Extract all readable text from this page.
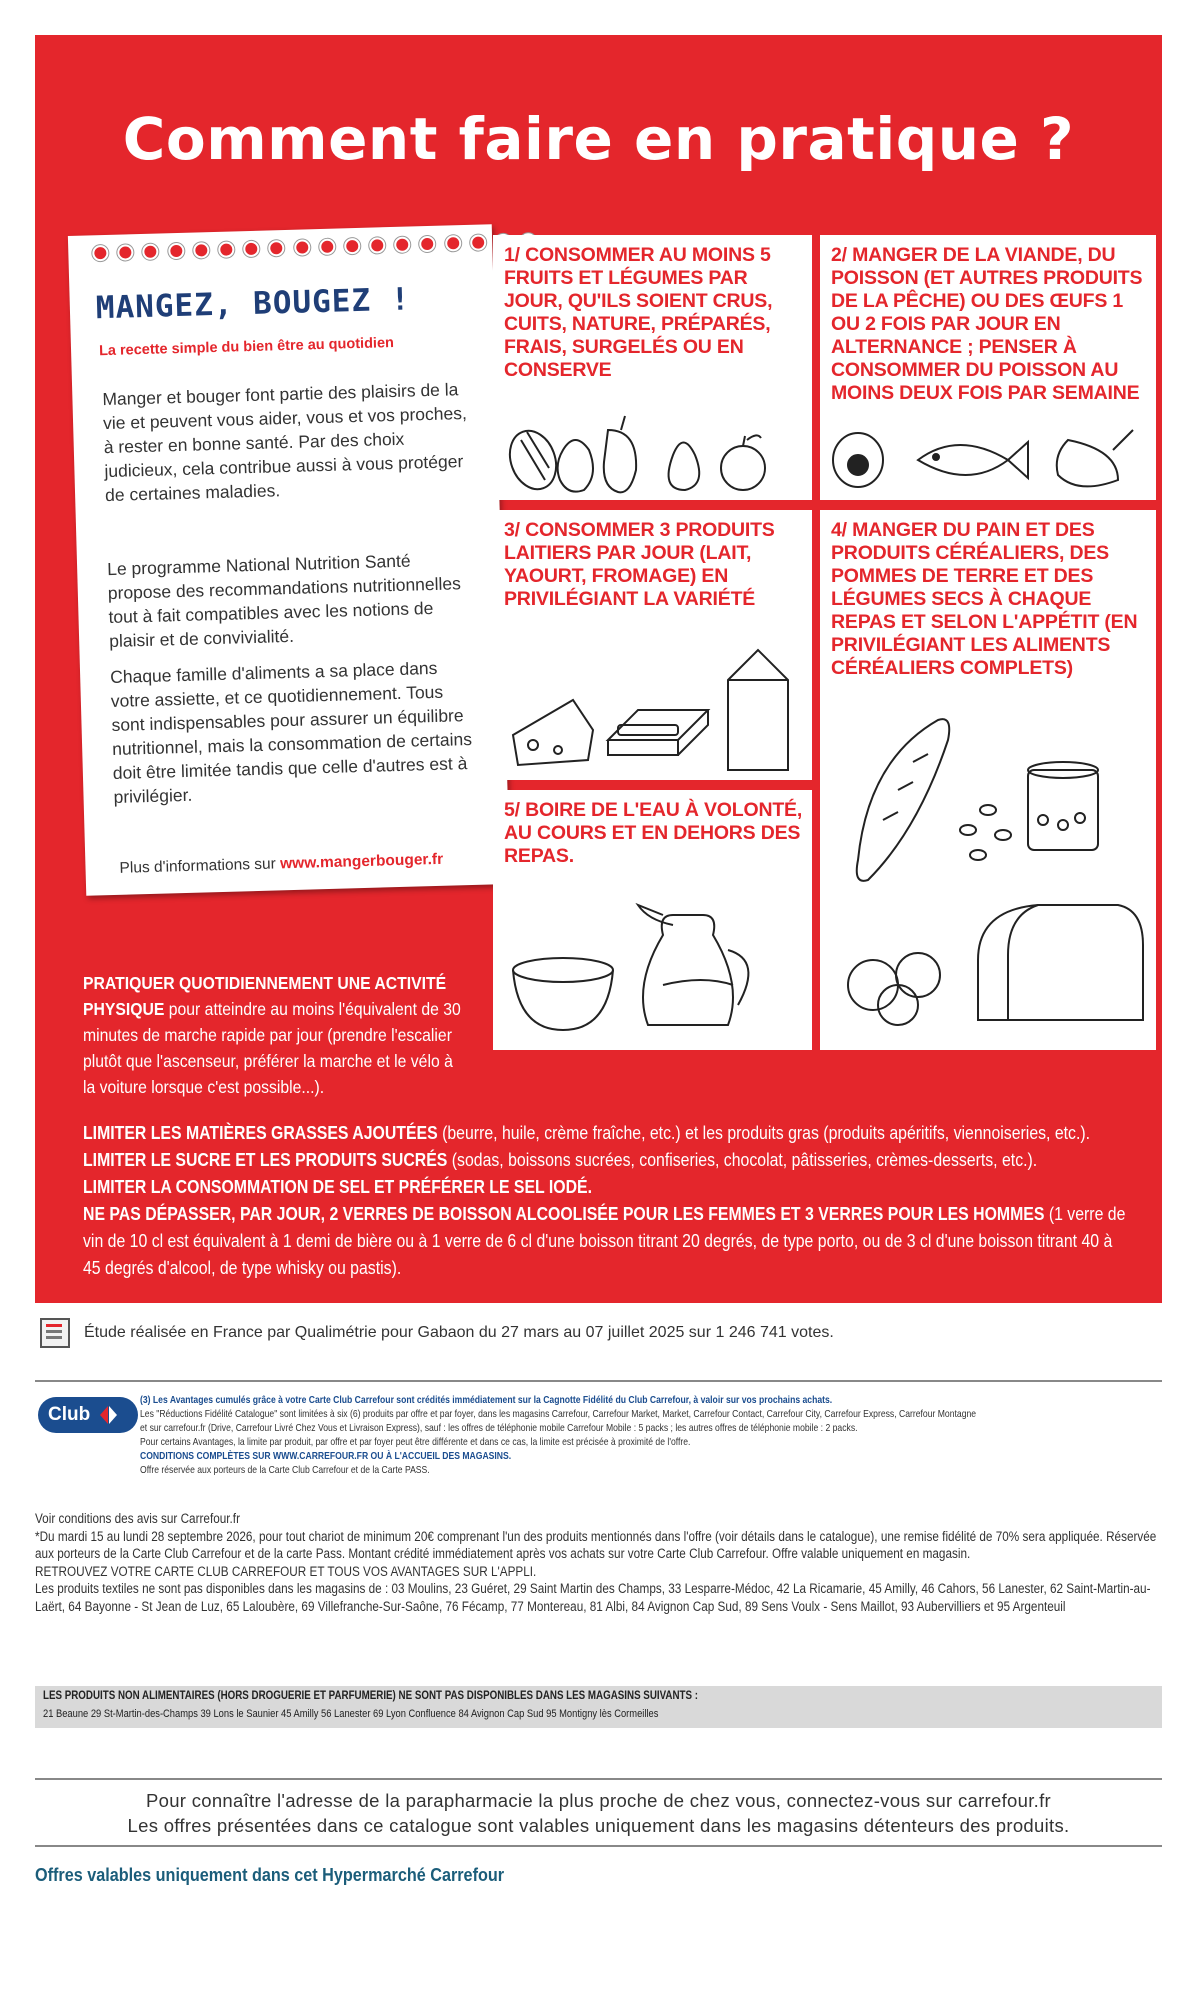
Comment faire en pratique ?
MANGEZ, BOUGEZ !
La recette simple du bien être au quotidien
Manger et bouger font partie des plaisirs de la vie et peuvent vous aider, vous et vos proches, à rester en bonne santé. Par des choix judicieux, cela contribue aussi à vous protéger de certaines maladies.
Le programme National Nutrition Santé propose des recommandations nutritionnelles tout à fait compatibles avec les notions de plaisir et de convivialité.
Chaque famille d'aliments a sa place dans votre assiette, et ce quotidiennement. Tous sont indispensables pour assurer un équilibre nutritionnel, mais la consommation de certains doit être limitée tandis que celle d'autres est à privilégier.
Plus d'informations sur www.mangerbouger.fr
1/ CONSOMMER AU MOINS 5 FRUITS ET LÉGUMES PAR JOUR, QU'ILS SOIENT CRUS, CUITS, NATURE, PRÉPARÉS, FRAIS, SURGELÉS OU EN CONSERVE
2/ MANGER DE LA VIANDE, DU POISSON (ET AUTRES PRODUITS DE LA PÊCHE) OU DES ŒUFS 1 OU 2 FOIS PAR JOUR EN ALTERNANCE ; PENSER À CONSOMMER DU POISSON AU MOINS DEUX FOIS PAR SEMAINE
3/ CONSOMMER 3 PRODUITS LAITIERS PAR JOUR (LAIT, YAOURT, FROMAGE) EN PRIVILÉGIANT LA VARIÉTÉ
4/ MANGER DU PAIN ET DES PRODUITS CÉRÉALIERS, DES POMMES DE TERRE ET DES LÉGUMES SECS À CHAQUE REPAS ET SELON L'APPÉTIT (EN PRIVILÉGIANT LES ALIMENTS CÉRÉALIERS COMPLETS)
5/ BOIRE DE L'EAU À VOLONTÉ, AU COURS ET EN DEHORS DES REPAS.
PRATIQUER QUOTIDIENNEMENT UNE ACTIVITÉ PHYSIQUE pour atteindre au moins l'équivalent de 30 minutes de marche rapide par jour (prendre l'escalier plutôt que l'ascenseur, préférer la marche et le vélo à la voiture lorsque c'est possible...).
LIMITER LES MATIÈRES GRASSES AJOUTÉES (beurre, huile, crème fraîche, etc.) et les produits gras (produits apéritifs, viennoiseries, etc.).
LIMITER LE SUCRE ET LES PRODUITS SUCRÉS (sodas, boissons sucrées, confiseries, chocolat, pâtisseries, crèmes-desserts, etc.).
LIMITER LA CONSOMMATION DE SEL ET PRÉFÉRER LE SEL IODÉ.
NE PAS DÉPASSER, PAR JOUR, 2 VERRES DE BOISSON ALCOOLISÉE POUR LES FEMMES ET 3 VERRES POUR LES HOMMES (1 verre de vin de 10 cl est équivalent à 1 demi de bière ou à 1 verre de 6 cl d'une boisson titrant 20 degrés, de type porto, ou de 3 cl d'une boisson titrant 40 à 45 degrés d'alcool, de type whisky ou pastis).
Étude réalisée en France par Qualimétrie pour Gabaon du 27 mars au 07 juillet 2025 sur 1 246 741 votes.
Club
(3) Les Avantages cumulés grâce à votre Carte Club Carrefour sont crédités immédiatement sur la Cagnotte Fidélité du Club Carrefour, à valoir sur vos prochains achats.
Les "Réductions Fidélité Catalogue" sont limitées à six (6) produits par offre et par foyer, dans les magasins Carrefour, Carrefour Market, Market, Carrefour Contact, Carrefour City, Carrefour Express, Carrefour Montagne
et sur carrefour.fr (Drive, Carrefour Livré Chez Vous et Livraison Express), sauf : les offres de téléphonie mobile Carrefour Mobile : 5 packs ; les autres offres de téléphonie mobile : 2 packs.
Pour certains Avantages, la limite par produit, par offre et par foyer peut être différente et dans ce cas, la limite est précisée à proximité de l'offre.
CONDITIONS COMPLÈTES SUR WWW.CARREFOUR.FR OU À L'ACCUEIL DES MAGASINS.
Offre réservée aux porteurs de la Carte Club Carrefour et de la Carte PASS.

Voir conditions des avis sur Carrefour.fr

*Du mardi 15 au lundi 28 septembre 2026, pour tout chariot de minimum 20€ comprenant l'un des produits mentionnés dans l'offre (voir détails dans le catalogue), une remise fidélité de 70% sera appliquée. Réservée aux porteurs de la Carte Club Carrefour et de la carte Pass. Montant crédité immédiatement après vos achats sur votre Carte Club Carrefour. Offre valable uniquement en magasin.

RETROUVEZ VOTRE CARTE CLUB CARREFOUR ET TOUS VOS AVANTAGES SUR L'APPLI.

Les produits textiles ne sont pas disponibles dans les magasins de : 03 Moulins, 23 Guéret, 29 Saint Martin des Champs, 33 Lesparre-Médoc, 42 La Ricamarie, 45 Amilly, 46 Cahors, 56 Lanester, 62 Saint-Martin-au-Laërt, 64 Bayonne - St Jean de Luz, 65 Laloubère, 69 Villefranche-Sur-Saône, 76 Fécamp, 77 Montereau, 81 Albi, 84 Avignon Cap Sud, 89 Sens Voulx - Sens Maillot, 93 Aubervilliers et 95 Argenteuil

LES PRODUITS NON ALIMENTAIRES (HORS DROGUERIE ET PARFUMERIE) NE SONT PAS DISPONIBLES DANS LES MAGASINS SUIVANTS :
21 Beaune 29 St-Martin-des-Champs 39 Lons le Saunier 45 Amilly 56 Lanester 69 Lyon Confluence 84 Avignon Cap Sud 95 Montigny lès Cormeilles
Pour connaître l'adresse de la parapharmacie la plus proche de chez vous, connectez-vous sur carrefour.fr
Les offres présentées dans ce catalogue sont valables uniquement dans les magasins détenteurs des produits.
Offres valables uniquement dans cet Hypermarché Carrefour
